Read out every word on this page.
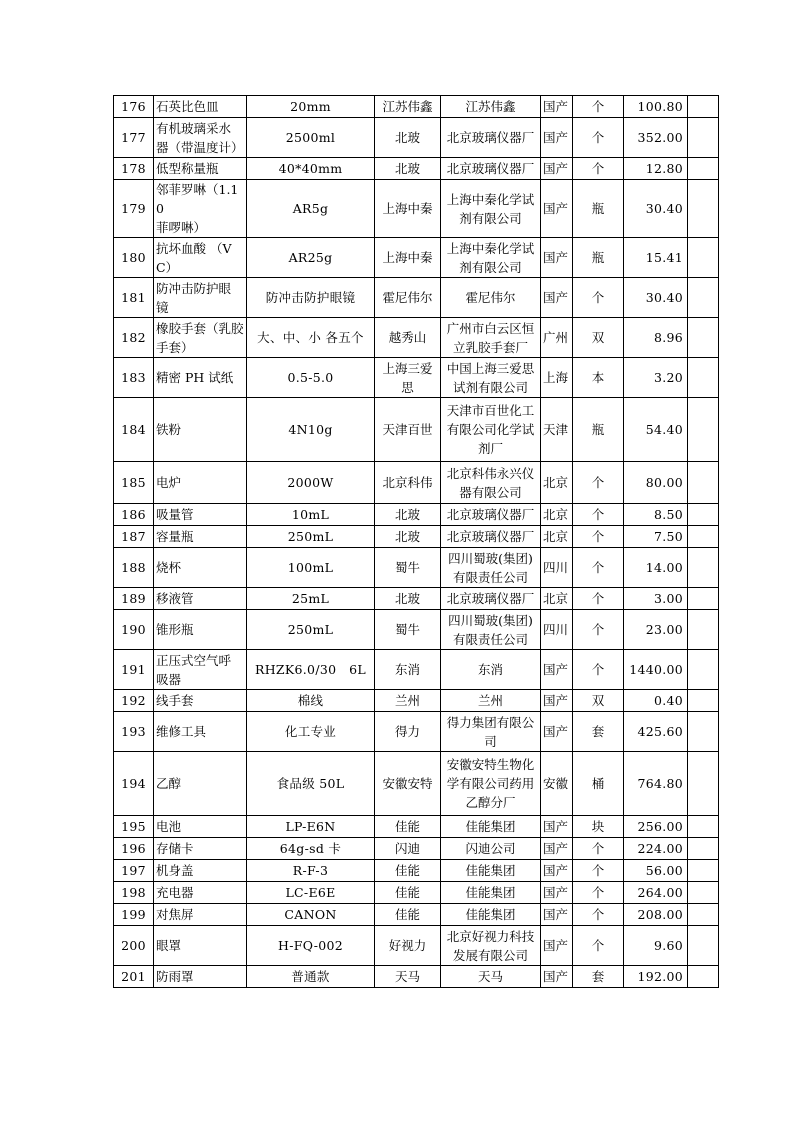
176	石英比色皿	20mm	江苏伟鑫	江苏伟鑫	国产	个	100.80	
177	有机玻璃采水
器（带温度计）	2500ml	北玻	北京玻璃仪器厂	国产	个	352.00	
178	低型称量瓶	40*40mm	北玻	北京玻璃仪器厂	国产	个	12.80	
179	邻菲罗啉（1.10
菲啰啉）	AR5g	上海中秦	上海中秦化学试
剂有限公司	国产	瓶	30.40	
180	抗坏血酸 （VC）	AR25g	上海中秦	上海中秦化学试
剂有限公司	国产	瓶	15.41	
181	防冲击防护眼
镜	防冲击防护眼镜	霍尼伟尔	霍尼伟尔	国产	个	30.40	
182	橡胶手套（乳胶
手套）	大、中、小 各五个	越秀山	广州市白云区恒
立乳胶手套厂	广州	双	8.96	
183	精密 PH 试纸	0.5-5.0	上海三爱
思	中国上海三爱思
试剂有限公司	上海	本	3.20	
184	铁粉	4N10g	天津百世	天津市百世化工
有限公司化学试
剂厂	天津	瓶	54.40	
185	电炉	2000W	北京科伟	北京科伟永兴仪
器有限公司	北京	个	80.00	
186	吸量管	10mL	北玻	北京玻璃仪器厂	北京	个	8.50	
187	容量瓶	250mL	北玻	北京玻璃仪器厂	北京	个	7.50	
188	烧杯	100mL	蜀牛	四川蜀玻(集团)
有限责任公司	四川	个	14.00	
189	移液管	25mL	北玻	北京玻璃仪器厂	北京	个	3.00	
190	锥形瓶	250mL	蜀牛	四川蜀玻(集团)
有限责任公司	四川	个	23.00	
191	正压式空气呼
吸器	RHZK6.0/30　6L	东消	东消	国产	个	1440.00	
192	线手套	棉线	兰州	兰州	国产	双	0.40	
193	维修工具	化工专业	得力	得力集团有限公
司	国产	套	425.60	
194	乙醇	食品级 50L	安徽安特	安徽安特生物化
学有限公司药用
乙醇分厂	安徽	桶	764.80	
195	电池	LP-E6N	佳能	佳能集团	国产	块	256.00	
196	存储卡	64g-sd 卡	闪迪	闪迪公司	国产	个	224.00	
197	机身盖	R-F-3	佳能	佳能集团	国产	个	56.00	
198	充电器	LC-E6E	佳能	佳能集团	国产	个	264.00	
199	对焦屏	CANON	佳能	佳能集团	国产	个	208.00	
200	眼罩	H-FQ-002	好视力	北京好视力科技
发展有限公司	国产	个	9.60	
201	防雨罩	普通款	天马	天马	国产	套	192.00	
